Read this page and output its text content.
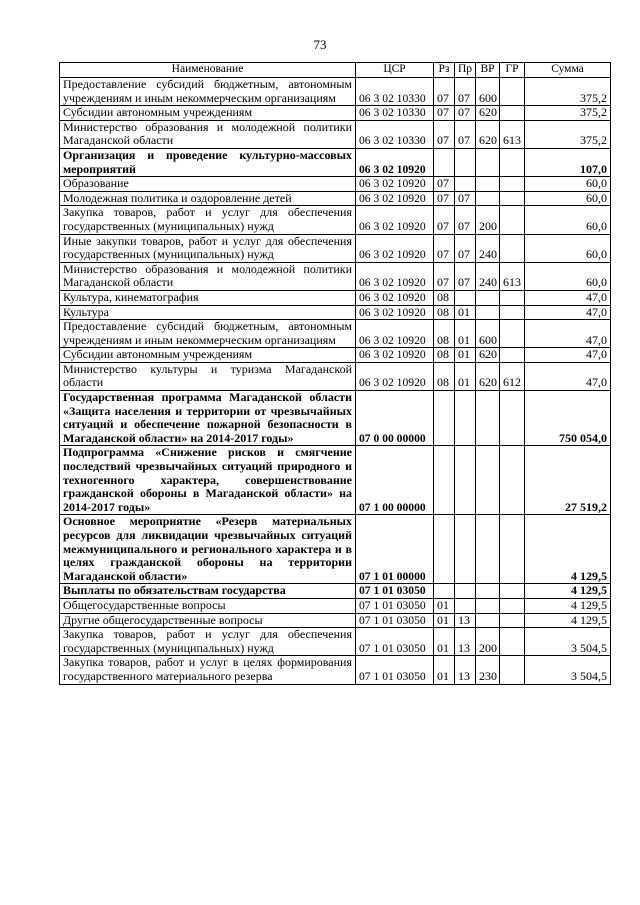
73
Наименование	ЦСР	Рз	Пр	ВР	ГР	Сумма
Предоставление субсидий бюджетным, автономным учреждениям и иным некоммерческим организациям	06 3 02 10330	07	07	600		375,2
Субсидии автономным учреждениям	06 3 02 10330	07	07	620		375,2
Министерство образования и молодежной политики Магаданской области	06 3 02 10330	07	07	620	613	375,2
Организация и проведение культурно-массовых мероприятий	06 3 02 10920					107,0
Образование	06 3 02 10920	07				60,0
Молодежная политика и оздоровление детей	06 3 02 10920	07	07			60,0
Закупка товаров, работ и услуг для обеспечения государственных (муниципальных) нужд	06 3 02 10920	07	07	200		60,0
Иные закупки товаров, работ и услуг для обеспечения государственных (муниципальных) нужд	06 3 02 10920	07	07	240		60,0
Министерство образования и молодежной политики Магаданской области	06 3 02 10920	07	07	240	613	60,0
Культура, кинематография	06 3 02 10920	08				47,0
Культура	06 3 02 10920	08	01			47,0
Предоставление субсидий бюджетным, автономным учреждениям и иным некоммерческим организациям	06 3 02 10920	08	01	600		47,0
Субсидии автономным учреждениям	06 3 02 10920	08	01	620		47,0
Министерство культуры и туризма Магаданской области	06 3 02 10920	08	01	620	612	47,0
Государственная программа Магаданской области «Защита населения и территории от чрезвычайных ситуаций и обеспечение пожарной безопасности в Магаданской области» на 2014-2017 годы»	07 0 00 00000					750 054,0
Подпрограмма «Снижение рисков и смягчение последствий чрезвычайных ситуаций природного и техногенного характера, совершенствование гражданской обороны в Магаданской области» на 2014-2017 годы»	07 1 00 00000					27 519,2
Основное мероприятие «Резерв материальных ресурсов для ликвидации чрезвычайных ситуаций межмуниципального и регионального характера и в целях гражданской обороны на территории Магаданской области»	07 1 01 00000					4 129,5
Выплаты по обязательствам государства	07 1 01 03050					4 129,5
Общегосударственные вопросы	07 1 01 03050	01				4 129,5
Другие общегосударственные вопросы	07 1 01 03050	01	13			4 129,5
Закупка товаров, работ и услуг для обеспечения государственных (муниципальных) нужд	07 1 01 03050	01	13	200		3 504,5
Закупка товаров, работ и услуг в целях формирования государственного материального резерва	07 1 01 03050	01	13	230		3 504,5
